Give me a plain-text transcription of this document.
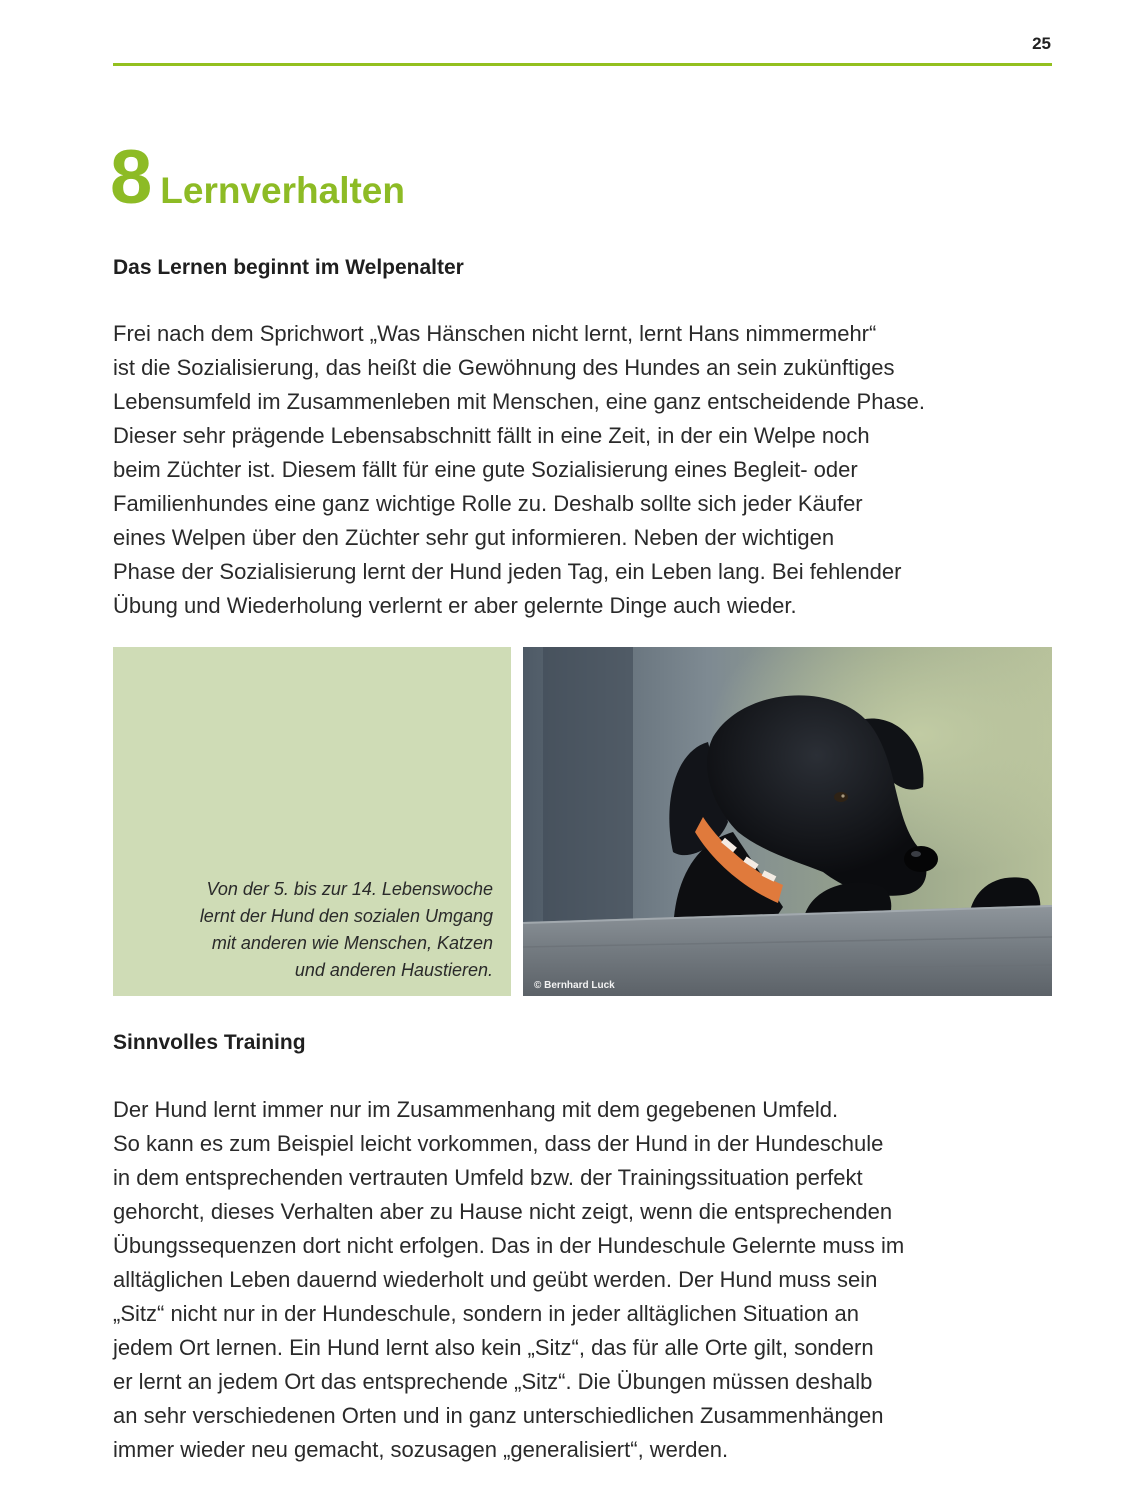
25
8 Lernverhalten
Das Lernen beginnt im Welpenalter
Frei nach dem Sprichwort „Was Hänschen nicht lernt, lernt Hans nimmermehr“
ist die Sozialisierung, das heißt die Gewöhnung des Hundes an sein zukünftiges
Lebensumfeld im Zusammenleben mit Menschen, eine ganz entscheidende Phase.
Dieser sehr prägende Lebensabschnitt fällt in eine Zeit, in der ein Welpe noch
beim Züchter ist. Diesem fällt für eine gute Sozialisierung eines Begleit- oder
Familienhundes eine ganz wichtige Rolle zu. Deshalb sollte sich jeder Käufer
eines Welpen über den Züchter sehr gut informieren. Neben der wichtigen
Phase der Sozialisierung lernt der Hund jeden Tag, ein Leben lang. Bei fehlender
Übung und Wiederholung verlernt er aber gelernte Dinge auch wieder.
Von der 5. bis zur 14. Lebenswoche
lernt der Hund den sozialen Umgang
mit anderen wie Menschen, Katzen
und anderen Haustieren.
© Bernhard Luck
Sinnvolles Training
Der Hund lernt immer nur im Zusammenhang mit dem gegebenen Umfeld.
So kann es zum Beispiel leicht vorkommen, dass der Hund in der Hundeschule
in dem entsprechenden vertrauten Umfeld bzw. der Trainingssituation perfekt
gehorcht, dieses Verhalten aber zu Hause nicht zeigt, wenn die entsprechenden
Übungssequenzen dort nicht erfolgen. Das in der Hundeschule Gelernte muss im
alltäglichen Leben dauernd wiederholt und geübt werden. Der Hund muss sein
„Sitz“ nicht nur in der Hundeschule, sondern in jeder alltäglichen Situation an
jedem Ort lernen. Ein Hund lernt also kein „Sitz“, das für alle Orte gilt, sondern
er lernt an jedem Ort das entsprechende „Sitz“. Die Übungen müssen deshalb
an sehr verschiedenen Orten und in ganz unterschiedlichen Zusammenhängen
immer wieder neu gemacht, sozusagen „generalisiert“, werden.
